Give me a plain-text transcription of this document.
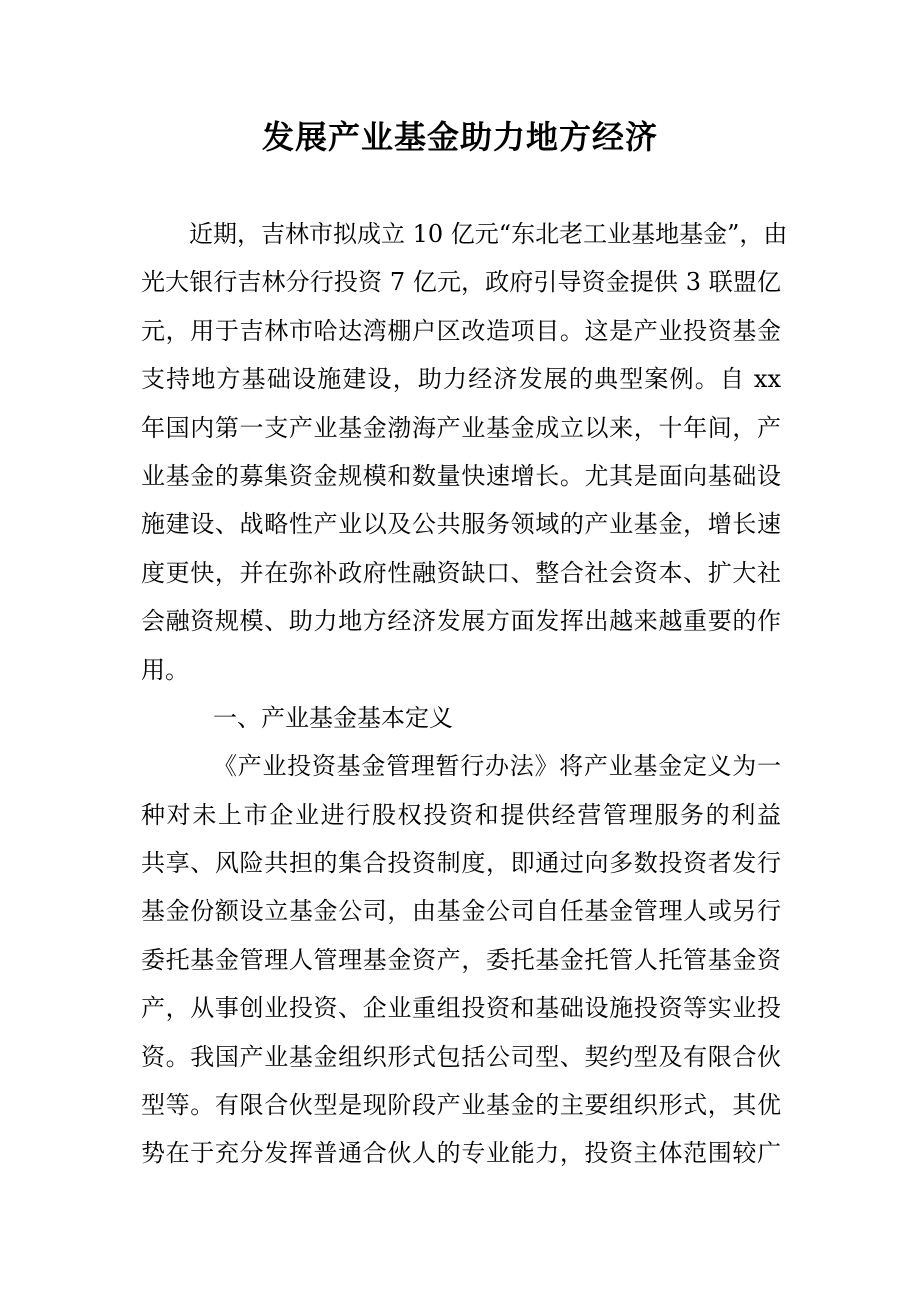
发展产业基金助力地方经济
近期，吉林市拟成立 10 亿元“东北老工业基地基金”，由
光大银行吉林分行投资 7 亿元，政府引导资金提供 3 联盟亿
元，用于吉林市哈达湾棚户区改造项目。这是产业投资基金
支持地方基础设施建设，助力经济发展的典型案例。自 xx
年国内第一支产业基金渤海产业基金成立以来，十年间，产
业基金的募集资金规模和数量快速增长。尤其是面向基础设
施建设、战略性产业以及公共服务领域的产业基金，增长速
度更快，并在弥补政府性融资缺口、整合社会资本、扩大社
会融资规模、助力地方经济发展方面发挥出越来越重要的作
用。
一、产业基金基本定义
《产业投资基金管理暂行办法》将产业基金定义为一
种对未上市企业进行股权投资和提供经营管理服务的利益
共享、风险共担的集合投资制度，即通过向多数投资者发行
基金份额设立基金公司，由基金公司自任基金管理人或另行
委托基金管理人管理基金资产，委托基金托管人托管基金资
产，从事创业投资、企业重组投资和基础设施投资等实业投
资。我国产业基金组织形式包括公司型、契约型及有限合伙
型等。有限合伙型是现阶段产业基金的主要组织形式，其优
势在于充分发挥普通合伙人的专业能力，投资主体范围较广
